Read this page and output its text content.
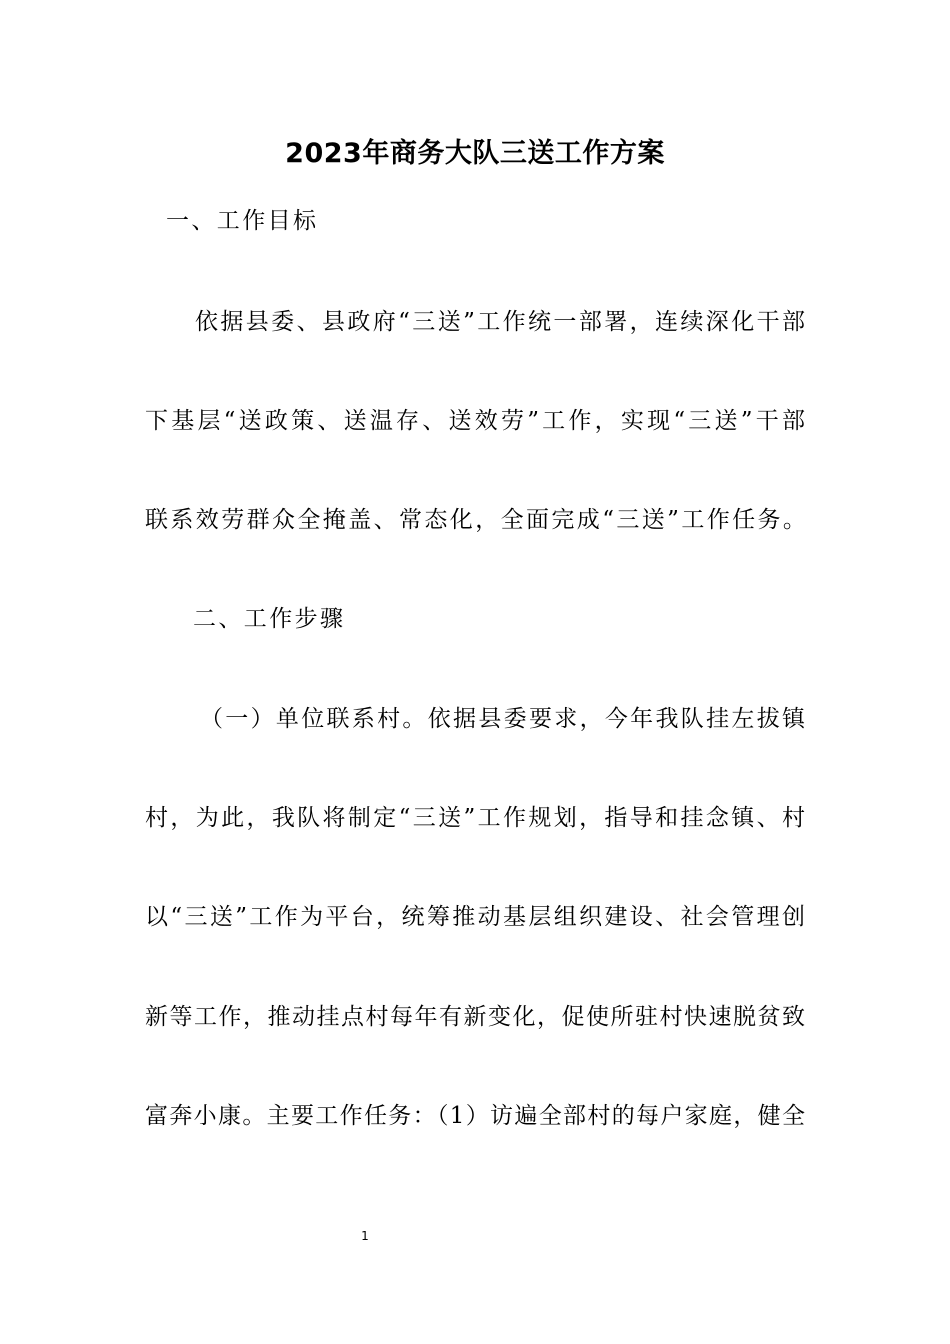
2023年商务大队三送工作方案
一、工作目标
依据县委、县政府“三送”工作统一部署，连续深化干部
下基层“送政策、送温存、送效劳”工作，实现“三送”干部
联系效劳群众全掩盖、常态化，全面完成“三送”工作任务。
二、工作步骤
（一）单位联系村。依据县委要求，今年我队挂左拔镇
村，为此，我队将制定“三送”工作规划，指导和挂念镇、村
以“三送”工作为平台，统筹推动基层组织建设、社会管理创
新等工作，推动挂点村每年有新变化，促使所驻村快速脱贫致
富奔小康。主要工作任务：（1）访遍全部村的每户家庭，健全
1
